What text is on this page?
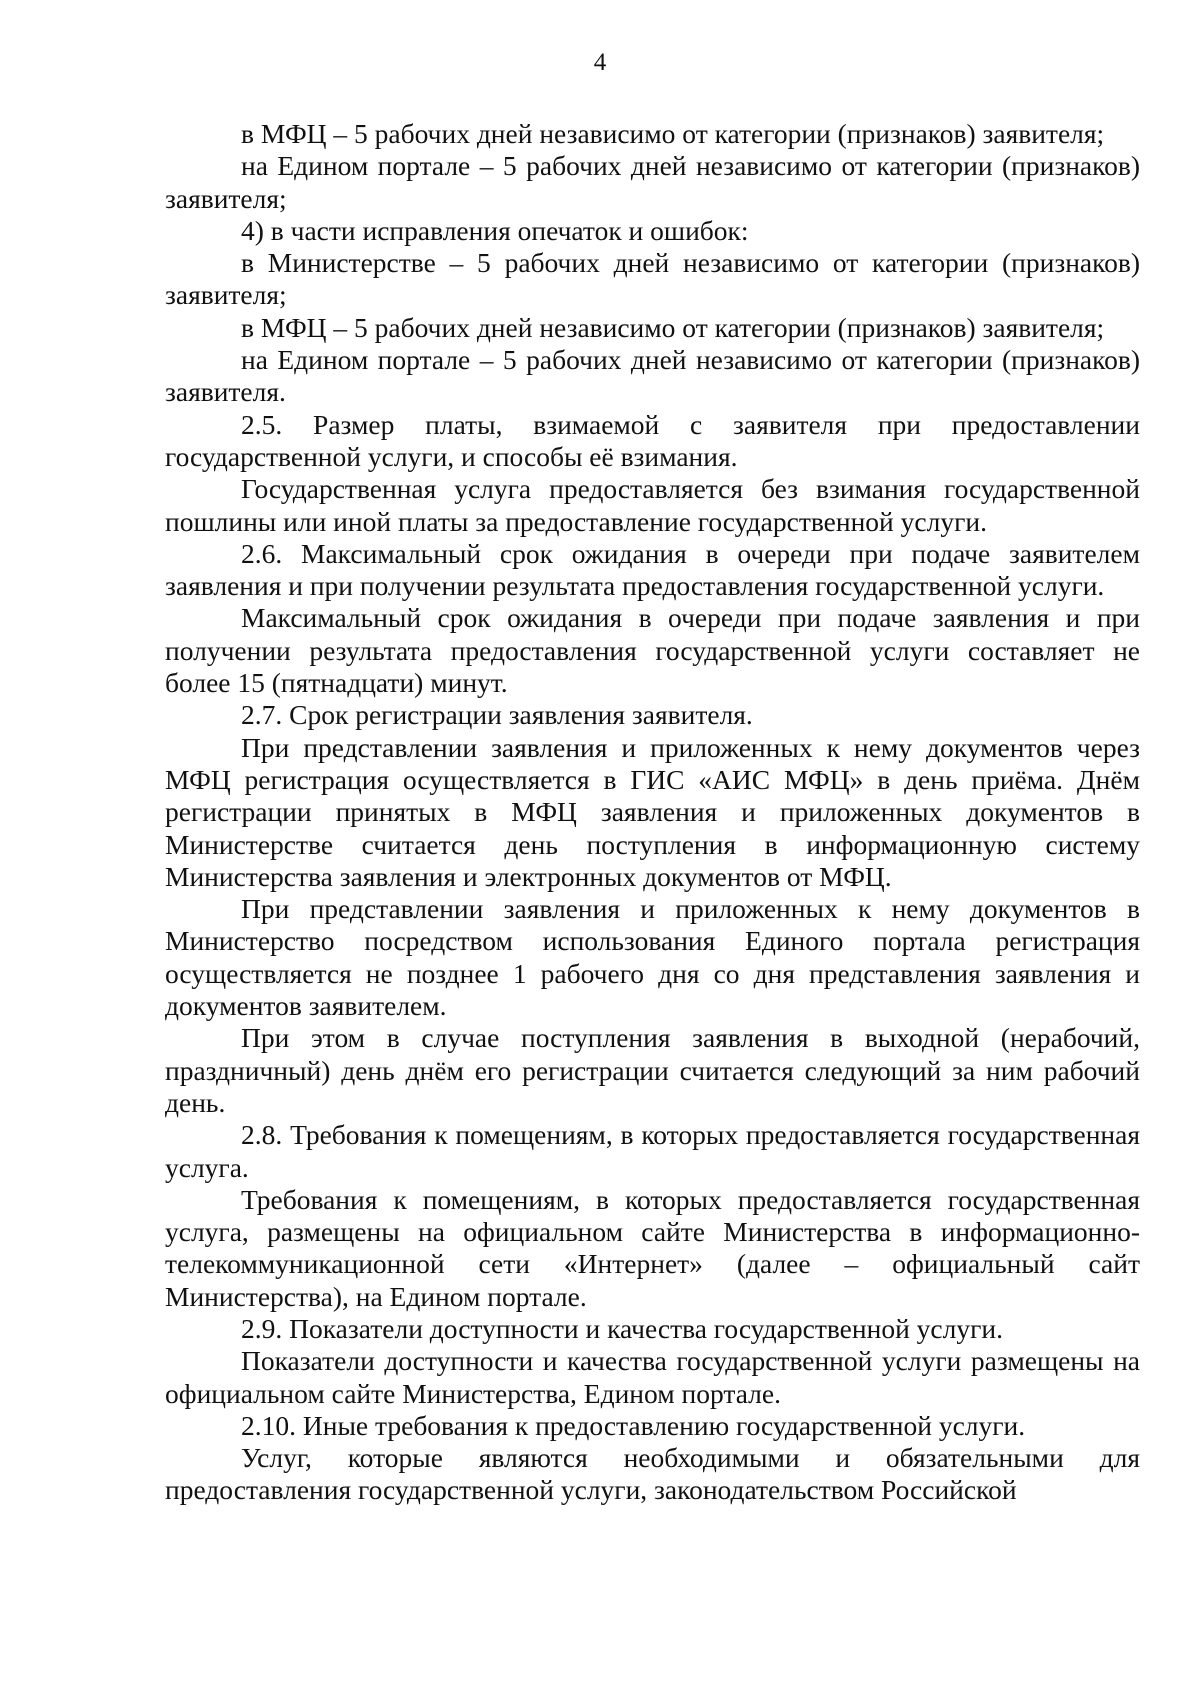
4

в МФЦ – 5 рабочих дней независимо от категории (признаков) заявителя;

на Едином портале – 5 рабочих дней независимо от категории (признаков) заявителя;

4) в части исправления опечаток и ошибок:

в Министерстве – 5 рабочих дней независимо от категории (признаков) заявителя;

в МФЦ – 5 рабочих дней независимо от категории (признаков) заявителя;

на Едином портале – 5 рабочих дней независимо от категории (признаков) заявителя.

2.5. Размер платы, взимаемой с заявителя при предоставлении государственной услуги, и способы её взимания.

Государственная услуга предоставляется без взимания государственной пошлины или иной платы за предоставление государственной услуги.

2.6. Максимальный срок ожидания в очереди при подаче заявителем заявления и при получении результата предоставления государственной услуги.

Максимальный срок ожидания в очереди при подаче заявления и при получении результата предоставления государственной услуги составляет не более 15 (пятнадцати) минут.

2.7. Срок регистрации заявления заявителя.

При представлении заявления и приложенных к нему документов через МФЦ регистрация осуществляется в ГИС «АИС МФЦ» в день приёма. Днём регистрации принятых в МФЦ заявления и приложенных документов в Министерстве считается день поступления в информационную систему Министерства заявления и электронных документов от МФЦ.

При представлении заявления и приложенных к нему документов в Министерство посредством использования Единого портала регистрация осуществляется не позднее 1 рабочего дня со дня представления заявления и документов заявителем.

При этом в случае поступления заявления в выходной (нерабочий, праздничный) день днём его регистрации считается следующий за ним рабочий день.

2.8. Требования к помещениям, в которых предоставляется государственная услуга.

Требования к помещениям, в которых предоставляется государственная услуга, размещены на официальном сайте Министерства в информационно-телекоммуникационной сети «Интернет» (далее – официальный сайт Министерства), на Едином портале.

2.9. Показатели доступности и качества государственной услуги.

Показатели доступности и качества государственной услуги размещены на официальном сайте Министерства, Едином портале.

2.10. Иные требования к предоставлению государственной услуги.

Услуг, которые являются необходимыми и обязательными для предоставления государственной услуги, законодательством Российской
